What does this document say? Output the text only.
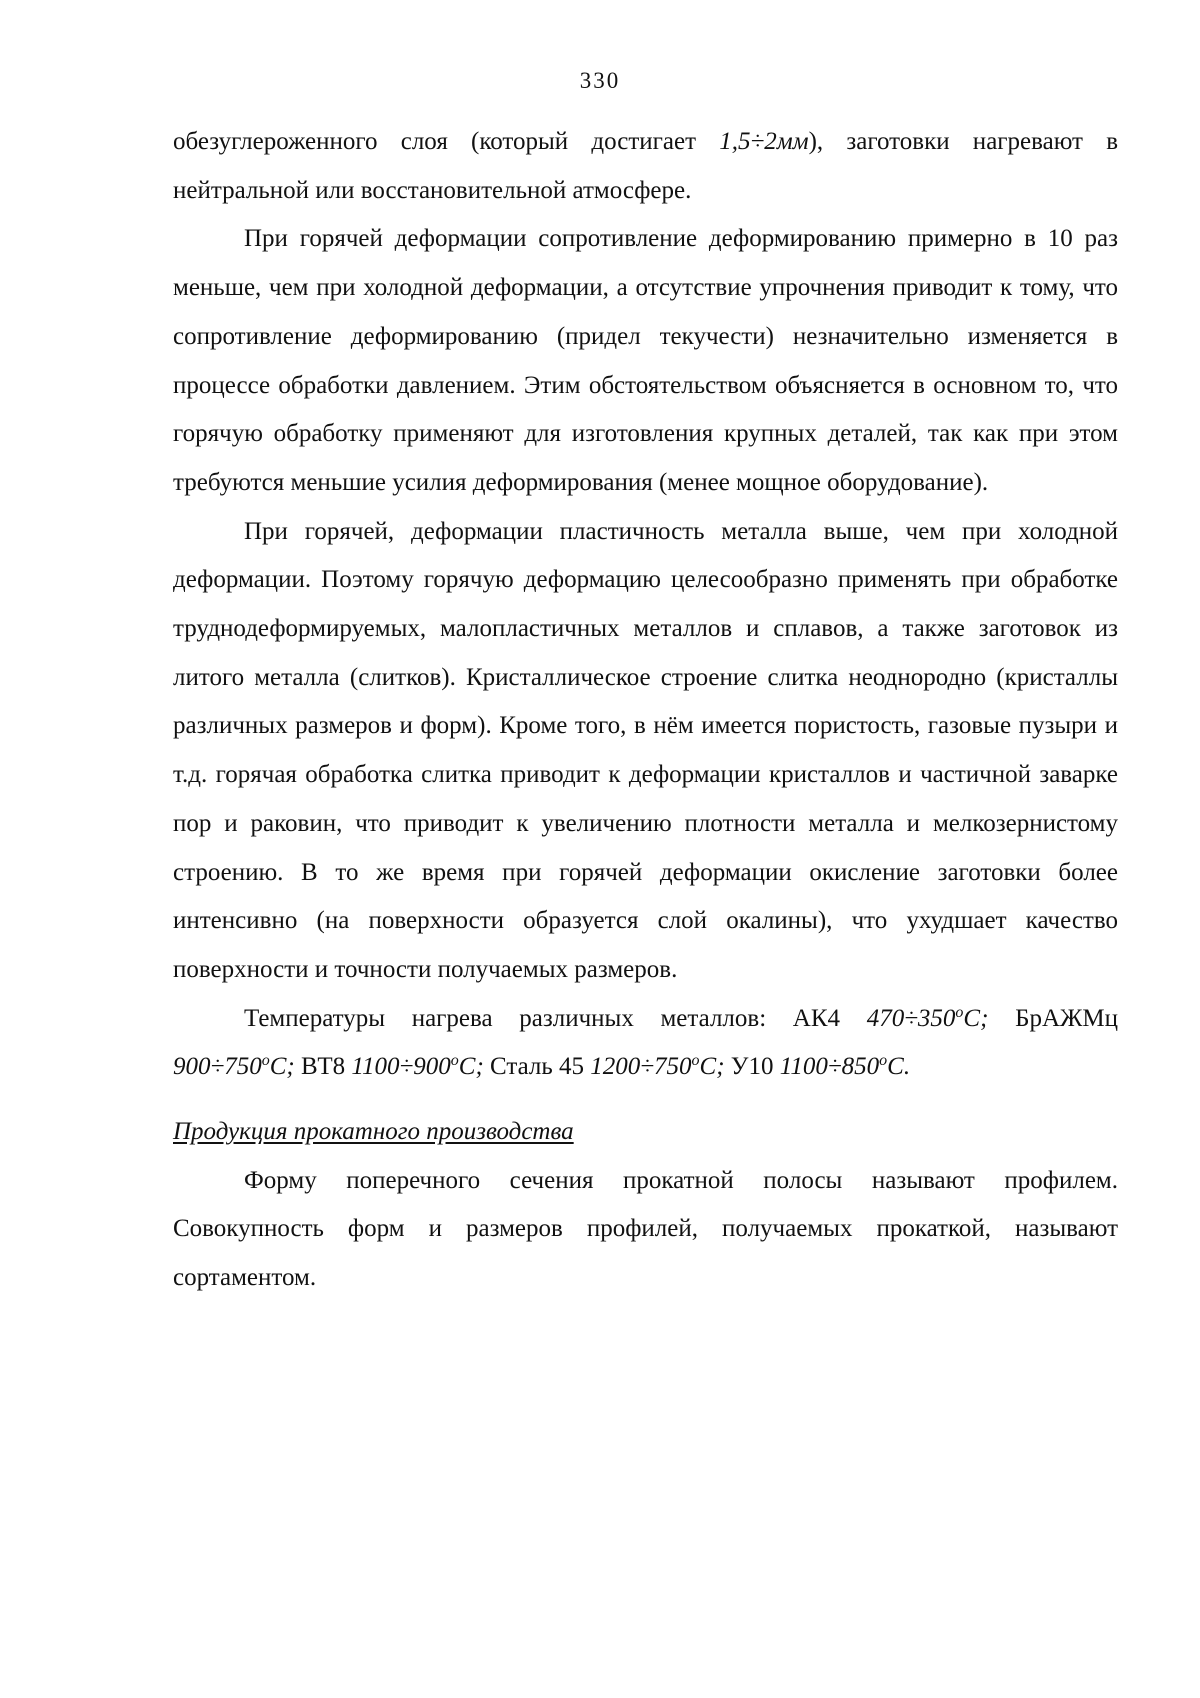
330

обезуглероженного слоя (который достигает 1,5÷2мм), заготовки нагревают в нейтральной или восстановительной атмосфере.

При горячей деформации сопротивление деформированию примерно в 10 раз меньше, чем при холодной деформации, а отсутствие упрочнения приводит к тому, что сопротивление деформированию (придел текучести) незначительно изменяется в процессе обработки давлением. Этим обстоятельством объясняется в основном то, что горячую обработку применяют для изготовления крупных деталей, так как при этом требуются меньшие усилия деформирования (менее мощное оборудование).

При горячей, деформации пластичность металла выше, чем при холодной деформации. Поэтому горячую деформацию целесообразно применять при обработке труднодеформируемых, малопластичных металлов и сплавов, а также заготовок из литого металла (слитков). Кристаллическое строение слитка неоднородно (кристаллы различных размеров и форм). Кроме того, в нём имеется пористость, газовые пузыри и т.д. горячая обработка слитка приводит к деформации кристаллов и частичной заварке пор и раковин, что приводит к увеличению плотности металла и мелкозернистому строению. В то же время при горячей деформации окисление заготовки более интенсивно (на поверхности образуется слой окалины), что ухудшает качество поверхности и точности получаемых размеров.

Температуры нагрева различных металлов: АК4 $470\div 350^oC$; БрАЖМц $900\div 750^oC$; ВТ8 $1100\div 900^oC$; Сталь 45 $1200\div 750^oC$; У10 $1100\div 850^oC$.

Продукция прокатного производства

Форму поперечного сечения прокатной полосы называют профилем. Совокупность форм и размеров профилей, получаемых прокаткой, называют сортаментом.
